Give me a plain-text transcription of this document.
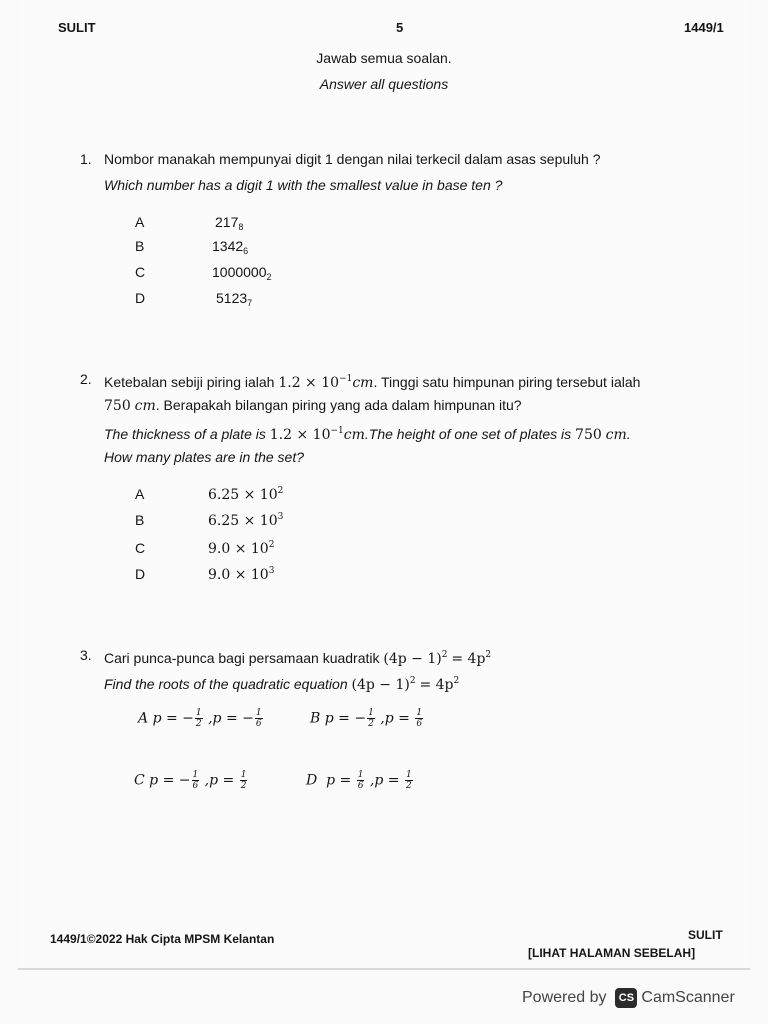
SULIT	5	1449/1
Jawab semua soalan.
Answer all questions
1. Nombor manakah mempunyai digit 1 dengan nilai terkecil dalam asas sepuluh ?
Which number has a digit 1 with the smallest value in base ten ?
A	$217_8$
B	$1342_6$
C	$1000000_2$
D	$5123_7$
2. Ketebalan sebiji piring ialah $1.2 \times 10^{-1}cm$. Tinggi satu himpunan piring tersebut ialah
750 cm. Berapakah bilangan piring yang ada dalam himpunan itu?
The thickness of a plate is $1.2 \times 10^{-1}cm.The$ height of one set of plates is 750 cm.
How many plates are in the set?
A	$6.25 \times 10^2$
B	$6.25 \times 10^3$
C	$9.0 \times 10^2$
D	$9.0 \times 10^3$
3. Cari punca-punca bagi persamaan kuadratik $(4p - 1)^2 = 4p^2$
Find the roots of the quadratic equation $(4p - 1)^2 = 4p^2$
A p = − $\frac{1}{2} ,p$ = − $\frac{1}{6}$	B p = − $\frac{1}{2} ,p = \frac{1}{6}$
C p = − $\frac{1}{6} ,p = \frac{1}{2}$	D  $p = \frac{1}{6} ,p = \frac{1}{2}$
1449/1©2022 Hak Cipta MPSM Kelantan	SULIT
[LIHAT HALAMAN SEBELAH]
Powered by CS CamScanner
